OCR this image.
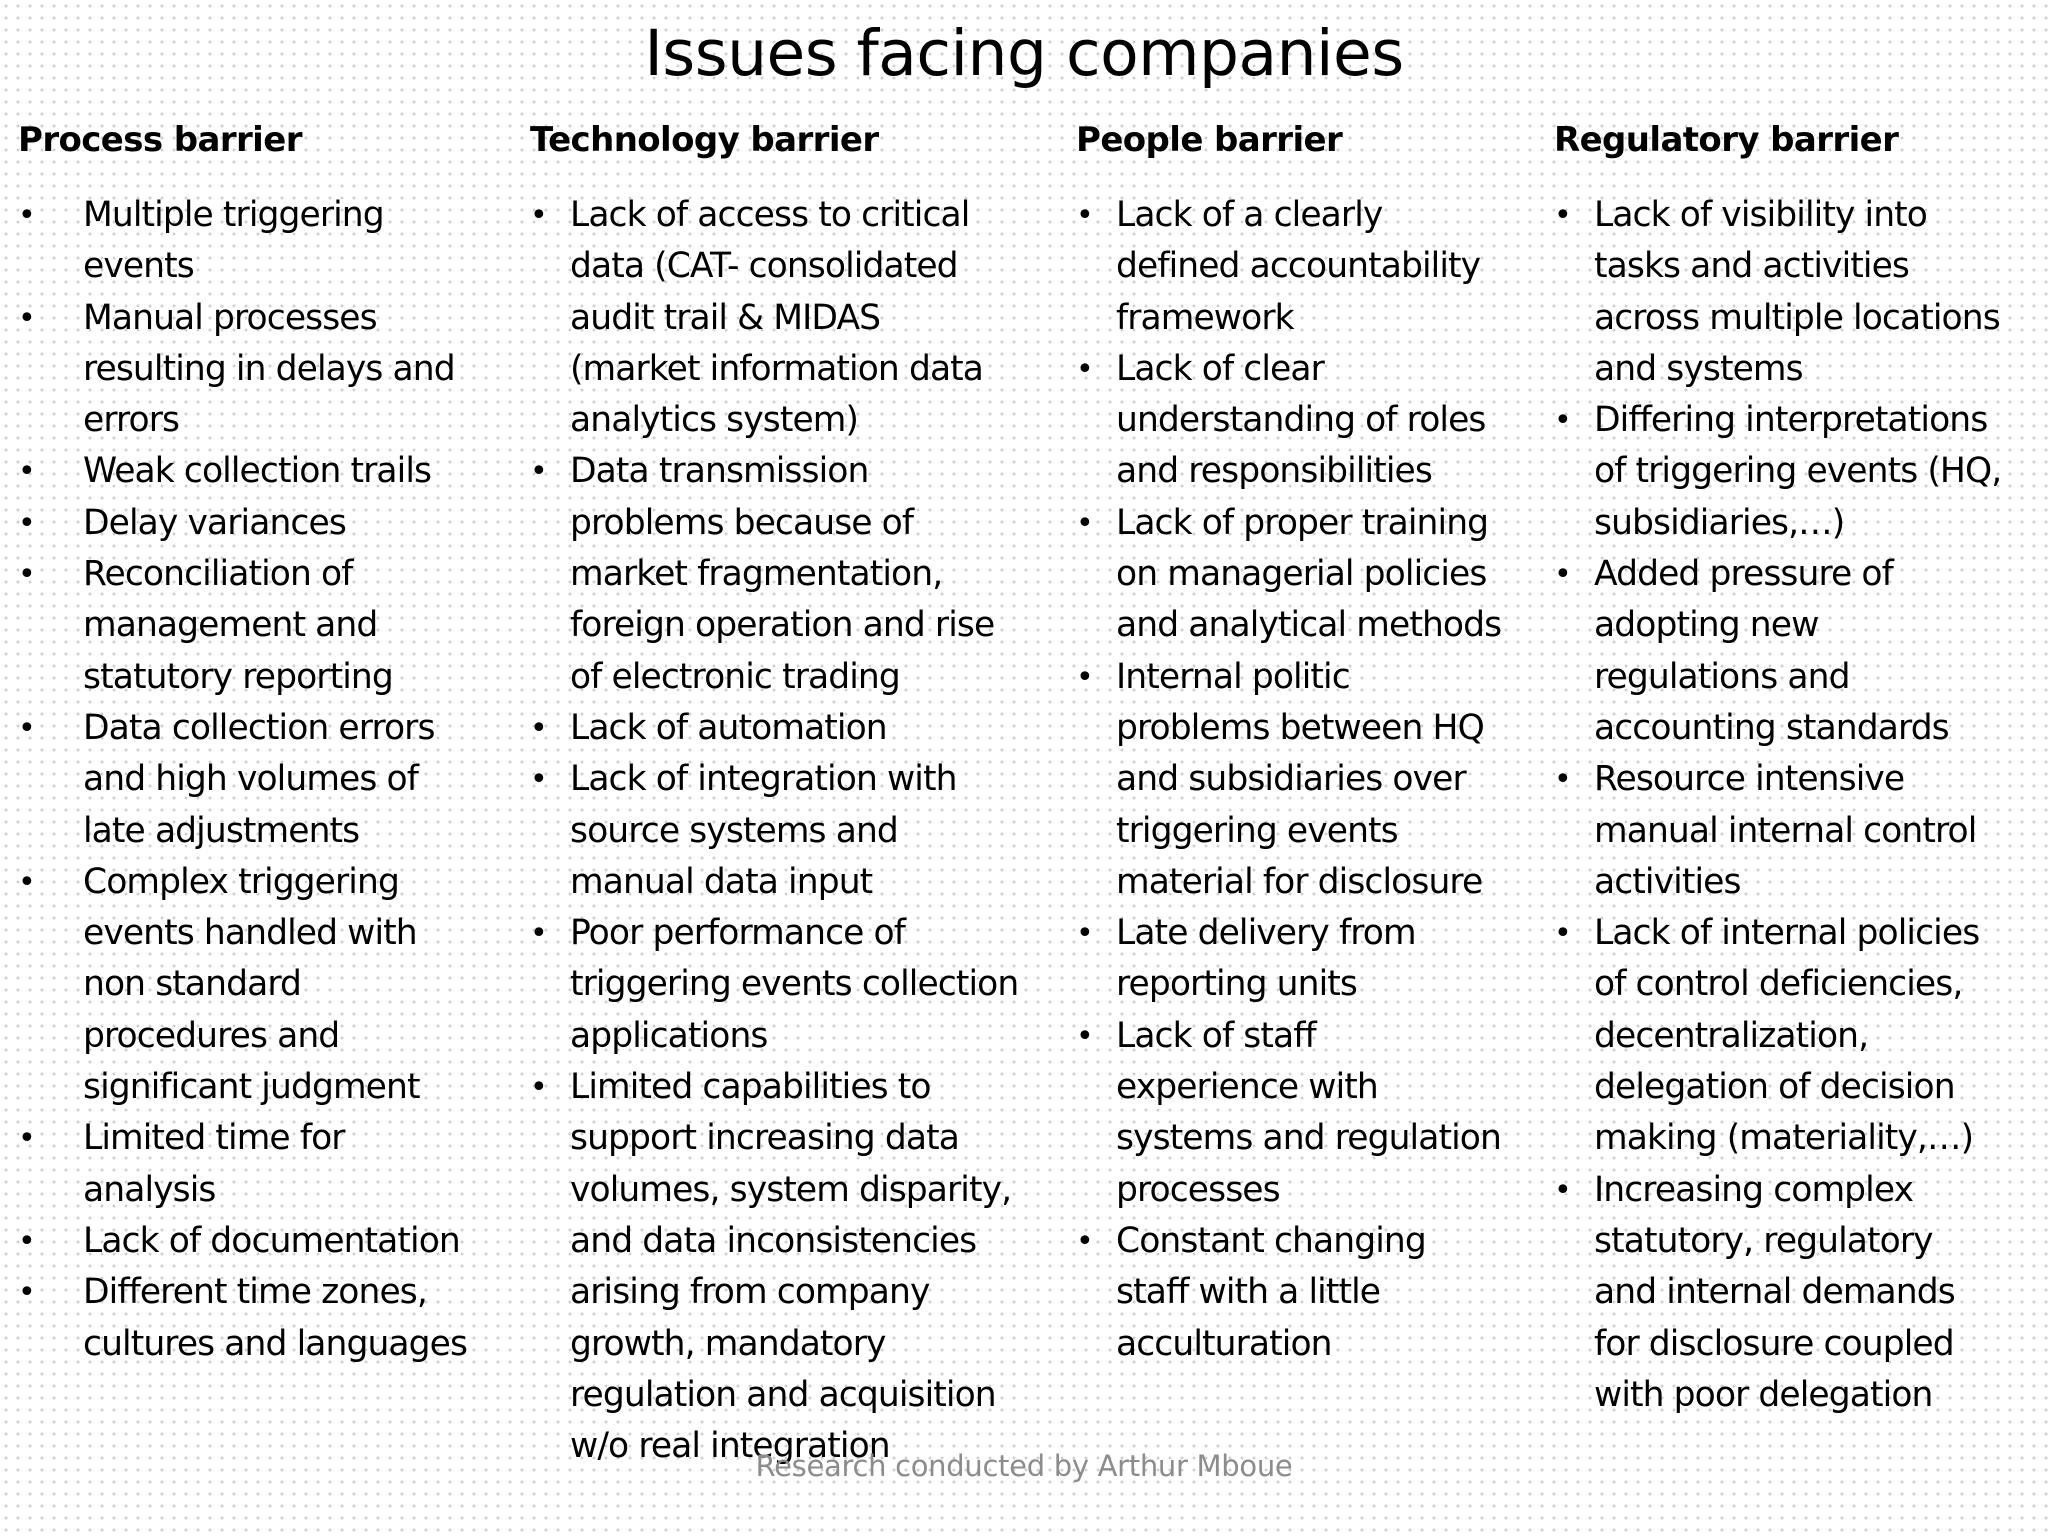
Issues facing companies
Process barrier
• Multiple triggering
events
• Manual processes
resulting in delays and
errors
• Weak collection trails
• Delay variances
• Reconciliation of
management and
statutory reporting
• Data collection errors
and high volumes of
late adjustments
• Complex triggering
events handled with
non standard
procedures and
significant judgment
• Limited time for
analysis
• Lack of documentation
• Different time zones,
cultures and languages
Technology barrier
• Lack of access to critical
data (CAT- consolidated
audit trail & MIDAS
(market information data
analytics system)
• Data transmission
problems because of
market fragmentation,
foreign operation and rise
of electronic trading
• Lack of automation
• Lack of integration with
source systems and
manual data input
• Poor performance of
triggering events collection
applications
• Limited capabilities to
support increasing data
volumes, system disparity,
and data inconsistencies
arising from company
growth, mandatory
regulation and acquisition
w/o real integration
People barrier
• Lack of a clearly
defined accountability
framework
• Lack of clear
understanding of roles
and responsibilities
• Lack of proper training
on managerial policies
and analytical methods
• Internal politic
problems between HQ
and subsidiaries over
triggering events
material for disclosure
• Late delivery from
reporting units
• Lack of staff
experience with
systems and regulation
processes
• Constant changing
staff with a little
acculturation
Regulatory barrier
• Lack of visibility into
tasks and activities
across multiple locations
and systems
• Differing interpretations
of triggering events (HQ,
subsidiaries,…)
• Added pressure of
adopting new
regulations and
accounting standards
• Resource intensive
manual internal control
activities
• Lack of internal policies
of control deficiencies,
decentralization,
delegation of decision
making (materiality,…)
• Increasing complex
statutory, regulatory
and internal demands
for disclosure coupled
with poor delegation
Research conducted by Arthur Mboue
